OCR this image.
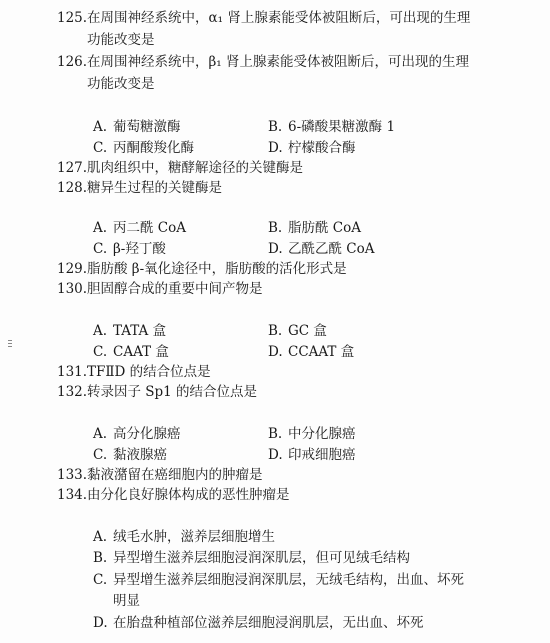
125.在周围神经系统中，α₁ 肾上腺素能受体被阻断后，可出现的生理
功能改变是
126.在周围神经系统中，β₁ 肾上腺素能受体被阻断后，可出现的生理
功能改变是
A. 葡萄糖激酶	B. 6-磷酸果糖激酶 1
C. 丙酮酸羧化酶	D. 柠檬酸合酶
127.肌肉组织中，糖酵解途径的关键酶是
128.糖异生过程的关键酶是
A. 丙二酰 CoA	B. 脂肪酰 CoA
C. β-羟丁酸	D. 乙酰乙酰 CoA
129.脂肪酸 β-氧化途径中，脂肪酸的活化形式是
130.胆固醇合成的重要中间产物是
A. TATA 盒	B. GC 盒
C. CAAT 盒	D. CCAAT 盒
131.TFⅡD 的结合位点是
132.转录因子 Sp1 的结合位点是
A. 高分化腺癌	B. 中分化腺癌
C. 黏液腺癌	D. 印戒细胞癌
133.黏液潴留在癌细胞内的肿瘤是
134.由分化良好腺体构成的恶性肿瘤是
A. 绒毛水肿，滋养层细胞增生
B. 异型增生滋养层细胞浸润深肌层，但可见绒毛结构
C. 异型增生滋养层细胞浸润深肌层，无绒毛结构，出血、坏死
明显
D. 在胎盘种植部位滋养层细胞浸润肌层，无出血、坏死
